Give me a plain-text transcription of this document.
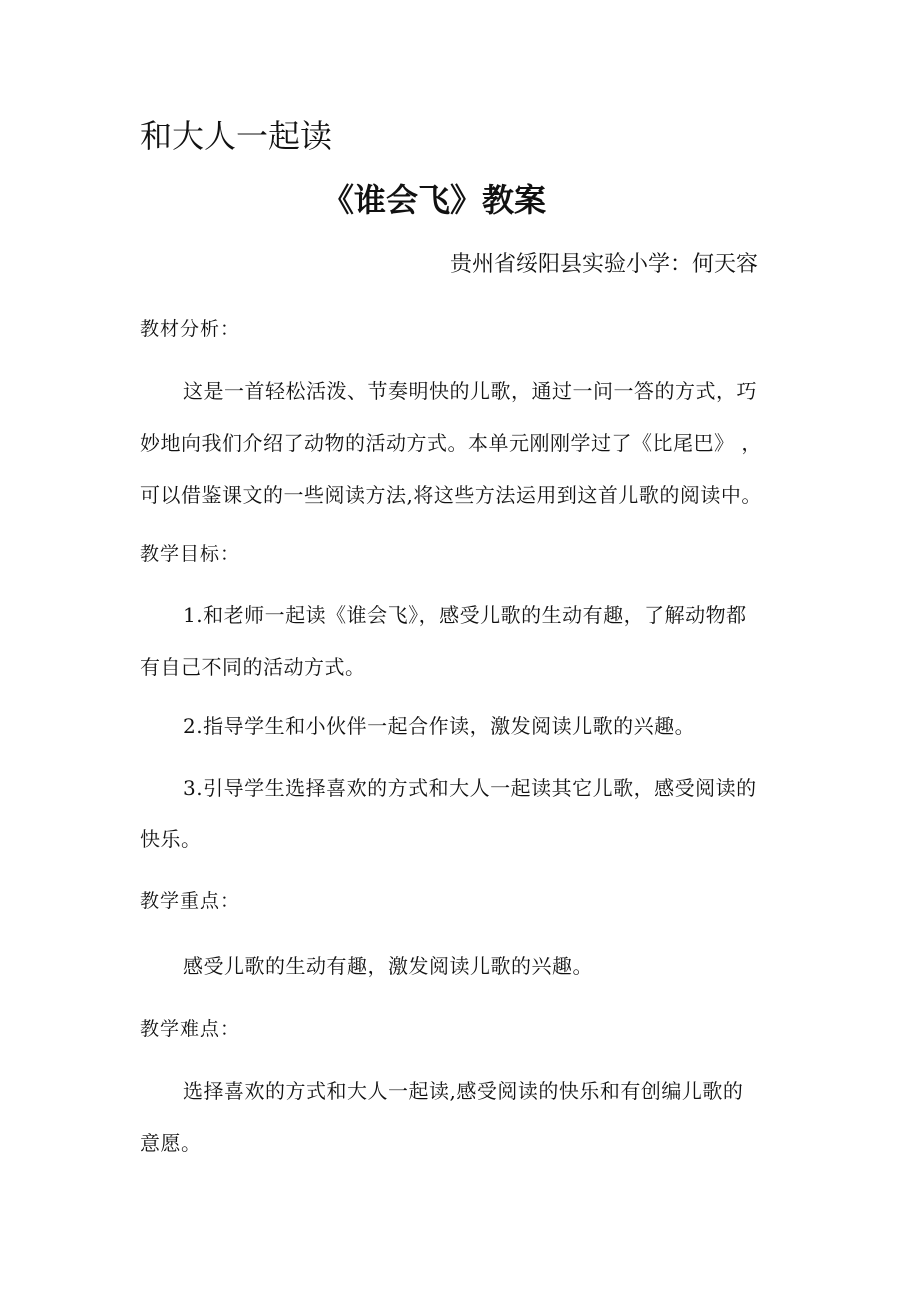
和大人一起读
《谁会飞》教案
贵州省绥阳县实验小学：何天容
教材分析：
这是一首轻松活泼、节奏明快的儿歌，通过一问一答的方式，巧
妙地向我们介绍了动物的活动方式。本单元刚刚学过了《比尾巴》 ，
可以借鉴课文的一些阅读方法,将这些方法运用到这首儿歌的阅读中。
教学目标：
1.和老师一起读《谁会飞》，感受儿歌的生动有趣，了解动物都
有自己不同的活动方式。
2.指导学生和小伙伴一起合作读，激发阅读儿歌的兴趣。
3.引导学生选择喜欢的方式和大人一起读其它儿歌，感受阅读的
快乐。
教学重点：
感受儿歌的生动有趣，激发阅读儿歌的兴趣。
教学难点：
选择喜欢的方式和大人一起读,感受阅读的快乐和有创编儿歌的
意愿。
